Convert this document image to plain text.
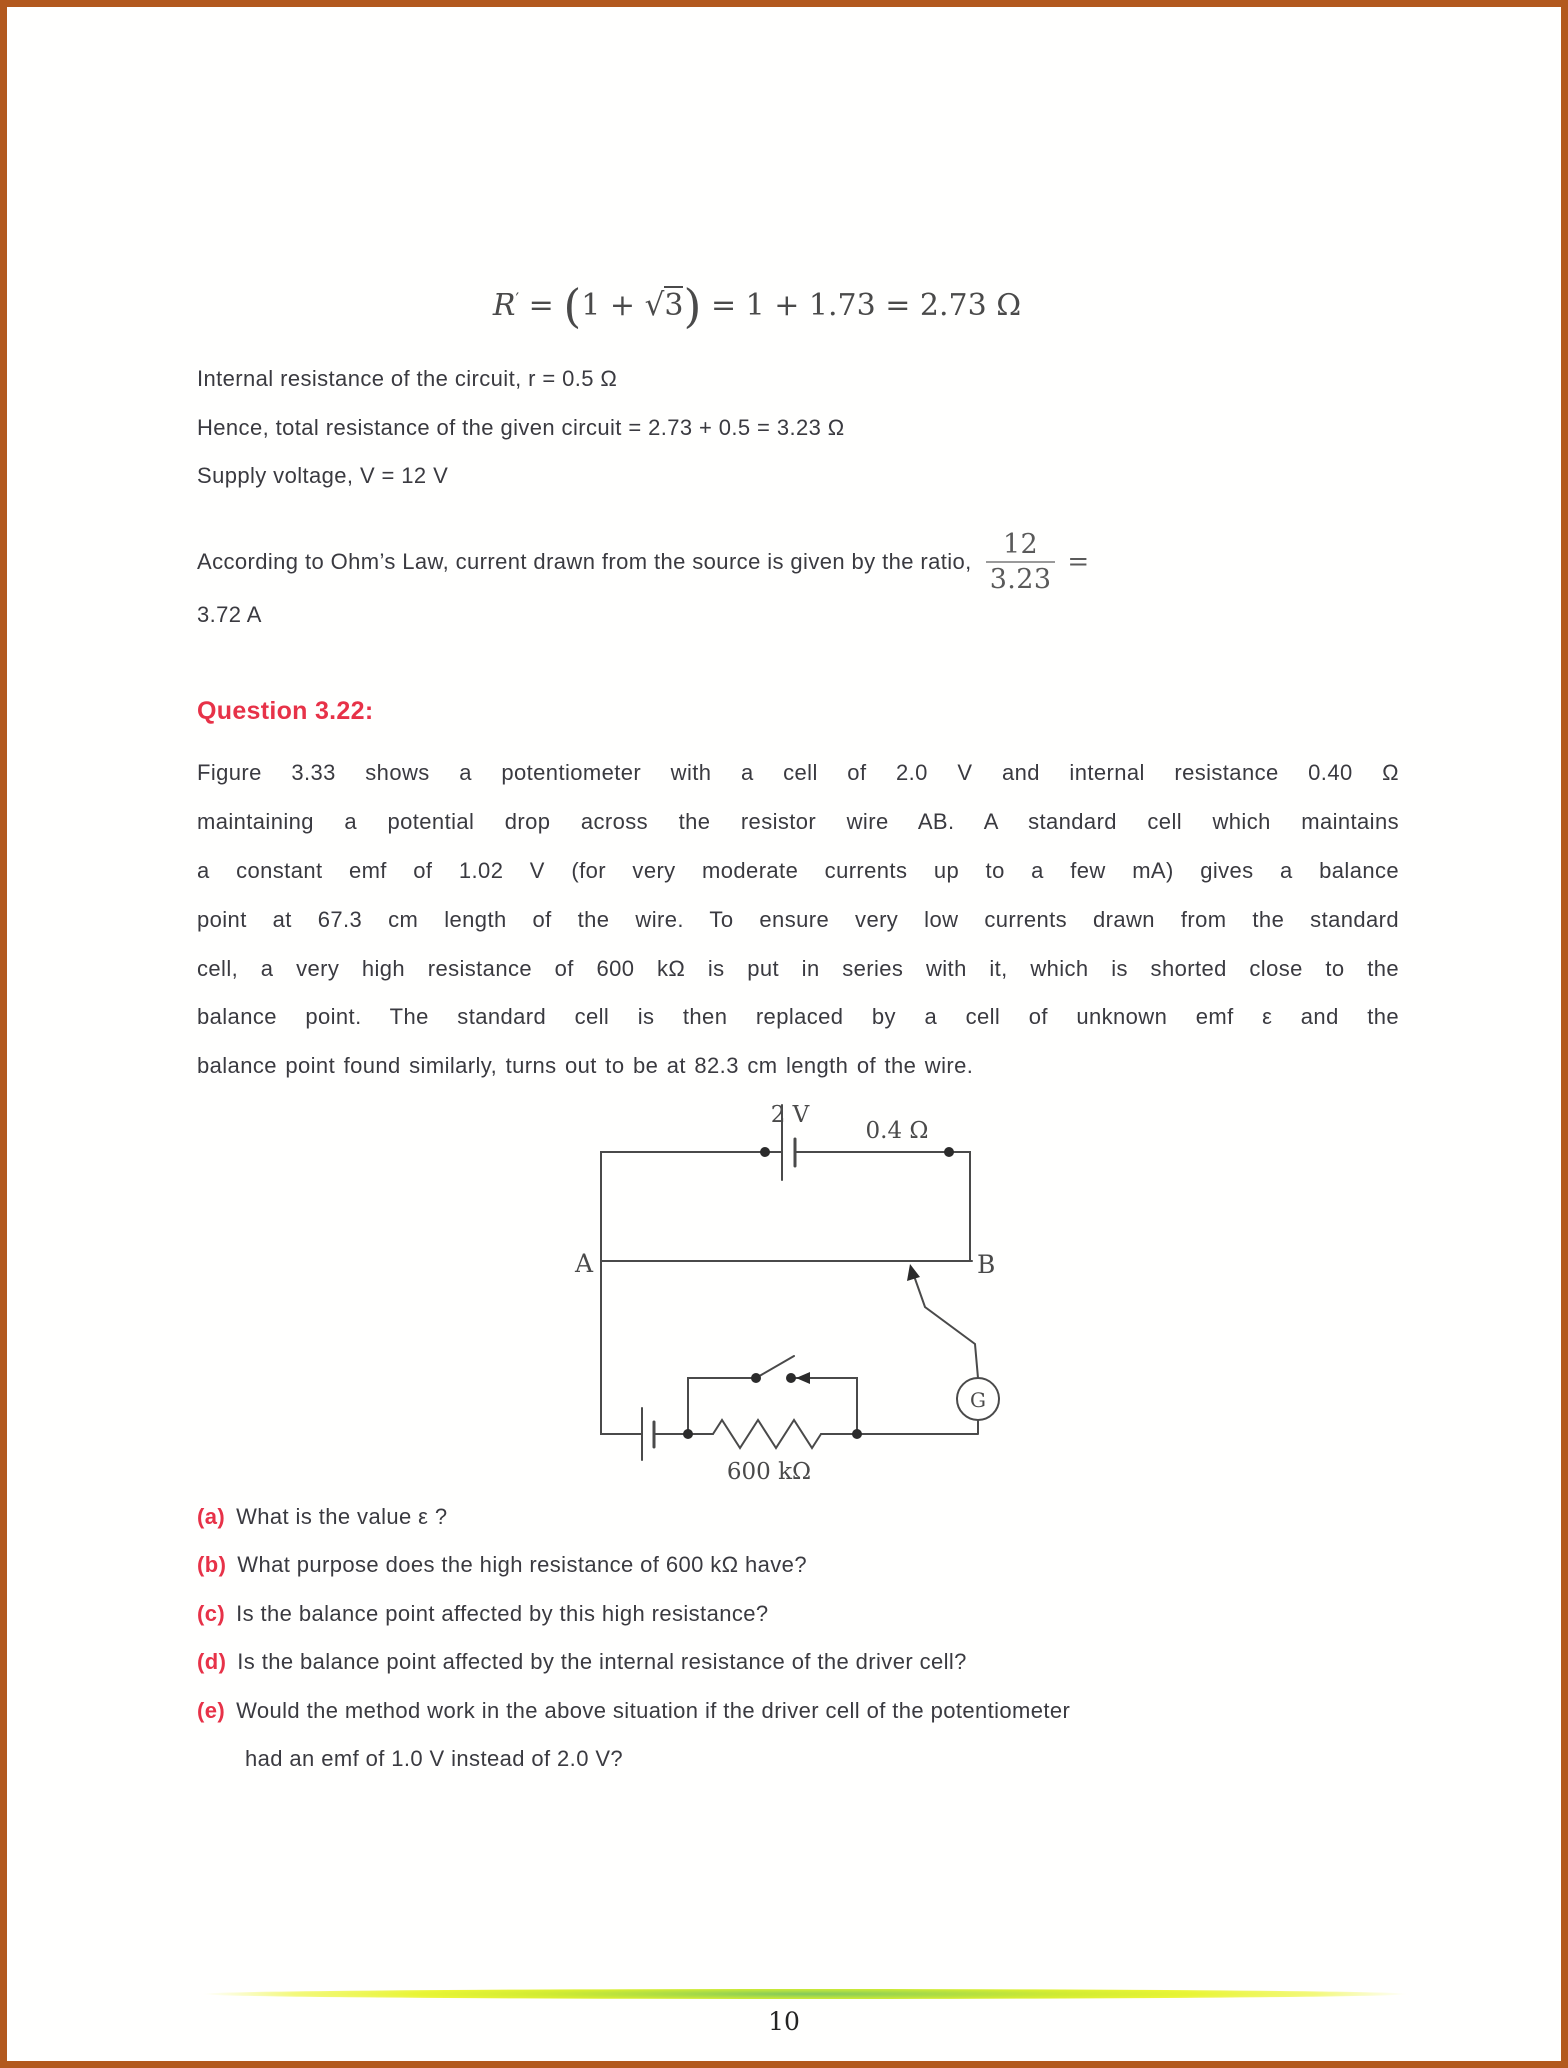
R′ = (1 + √3) = 1 + 1.73 = 2.73 Ω
Internal resistance of the circuit, r = 0.5 Ω
Hence, total resistance of the given circuit = 2.73 + 0.5 = 3.23 Ω
Supply voltage, V = 12 V
According to Ohm’s Law, current drawn from the source is given by the ratio, $\frac{12}{3.23}$ =
3.72 A
Question 3.22:
Figure 3.33 shows a potentiometer with a cell of 2.0 V and internal resistance 0.40 Ω
maintaining a potential drop across the resistor wire AB. A standard cell which maintains
a constant emf of 1.02 V (for very moderate currents up to a few mA) gives a balance
point at 67.3 cm length of the wire. To ensure very low currents drawn from the standard
cell, a very high resistance of 600 kΩ is put in series with it, which is shorted close to the
balance point. The standard cell is then replaced by a cell of unknown emf ε and the
balance point found similarly, turns out to be at 82.3 cm length of the wire.
2 V
0.4 Ω
A	B
G
600 kΩ
(a) What is the value ε ?
(b) What purpose does the high resistance of 600 kΩ have?
(c) Is the balance point affected by this high resistance?
(d) Is the balance point affected by the internal resistance of the driver cell?
(e) Would the method work in the above situation if the driver cell of the potentiometer
had an emf of 1.0 V instead of 2.0 V?
10
